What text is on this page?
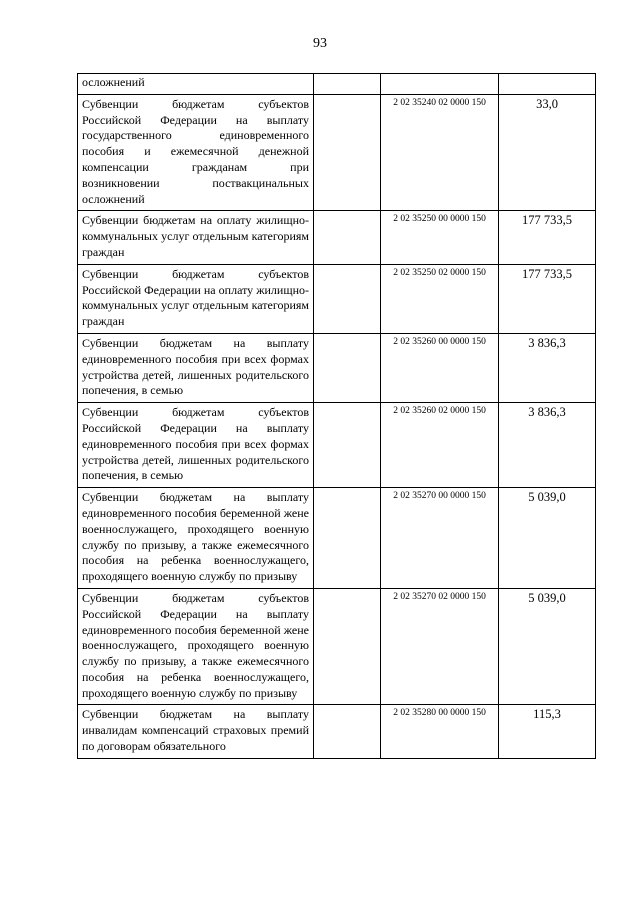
93
осложнений			
Субвенции бюджетам субъектов Российской Федерации на выплату государственного единовременного пособия и ежемесячной денежной компенсации гражданам при возникновении поствакцинальных осложнений		2 02 35240 02 0000 150	33,0
Субвенции бюджетам на оплату жилищно-коммунальных услуг отдельным категориям граждан		2 02 35250 00 0000 150	177 733,5
Субвенции бюджетам субъектов Российской Федерации на оплату жилищно-коммунальных услуг отдельным категориям граждан		2 02 35250 02 0000 150	177 733,5
Субвенции бюджетам на выплату единовременного пособия при всех формах устройства детей, лишенных родительского попечения, в семью		2 02 35260 00 0000 150	3 836,3
Субвенции бюджетам субъектов Российской Федерации на выплату единовременного пособия при всех формах устройства детей, лишенных родительского попечения, в семью		2 02 35260 02 0000 150	3 836,3
Субвенции бюджетам на выплату единовременного пособия беременной жене военнослужащего, проходящего военную службу по призыву, а также ежемесячного пособия на ребенка военнослужащего, проходящего военную службу по призыву		2 02 35270 00 0000 150	5 039,0
Субвенции бюджетам субъектов Российской Федерации на выплату единовременного пособия беременной жене военнослужащего, проходящего военную службу по призыву, а также ежемесячного пособия на ребенка военнослужащего, проходящего военную службу по призыву		2 02 35270 02 0000 150	5 039,0
Субвенции бюджетам на выплату инвалидам компенсаций страховых премий по договорам обязательного		2 02 35280 00 0000 150	115,3
